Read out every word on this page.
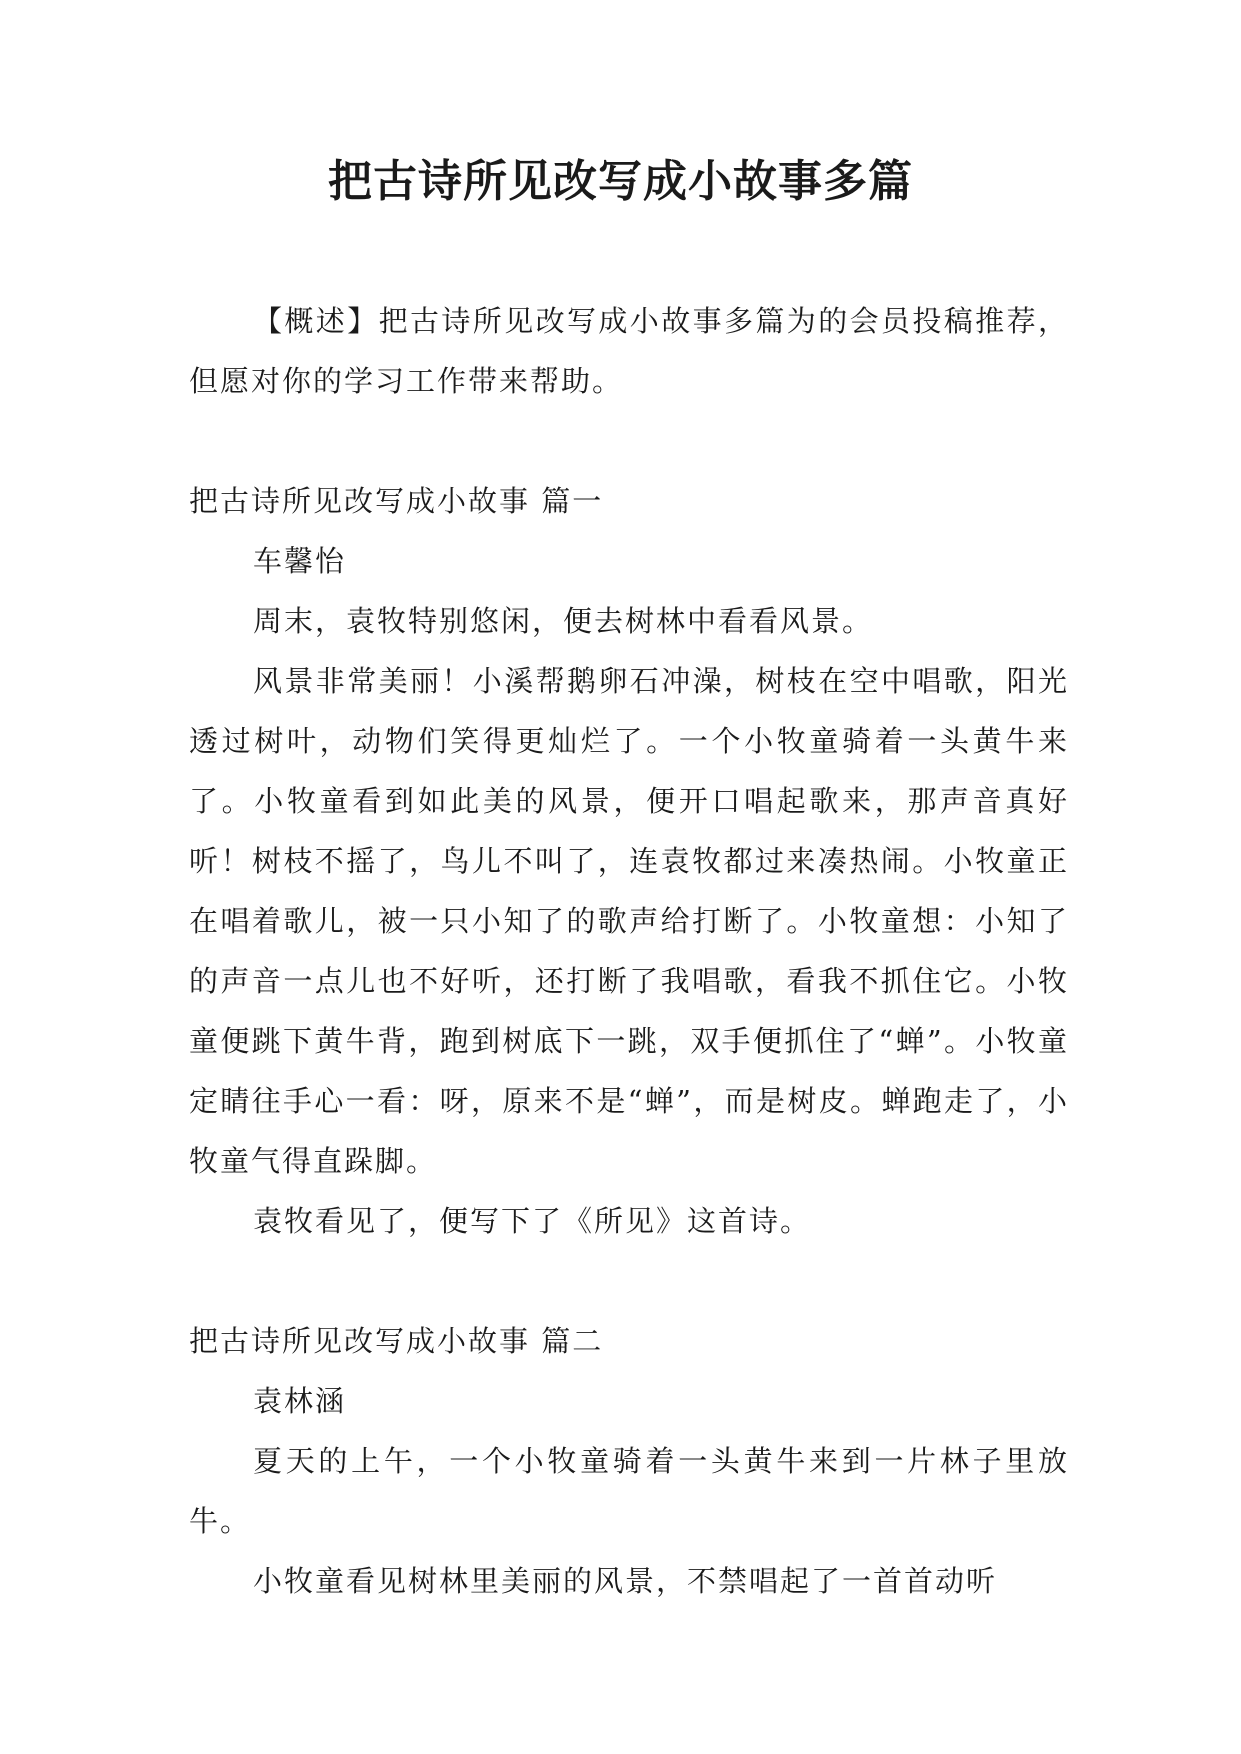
把古诗所见改写成小故事多篇

【概述】把古诗所见改写成小故事多篇为的会员投稿推荐，但愿对你的学习工作带来帮助。

把古诗所见改写成小故事 篇一

车馨怡

周末，袁牧特别悠闲，便去树林中看看风景。

风景非常美丽！小溪帮鹅卵石冲澡，树枝在空中唱歌，阳光透过树叶，动物们笑得更灿烂了。一个小牧童骑着一头黄牛来了。小牧童看到如此美的风景，便开口唱起歌来，那声音真好听！树枝不摇了，鸟儿不叫了，连袁牧都过来凑热闹。小牧童正在唱着歌儿，被一只小知了的歌声给打断了。小牧童想：小知了的声音一点儿也不好听，还打断了我唱歌，看我不抓住它。小牧童便跳下黄牛背，跑到树底下一跳，双手便抓住了“蝉”。小牧童定睛往手心一看：呀，原来不是“蝉”，而是树皮。蝉跑走了，小牧童气得直跺脚。

袁牧看见了，便写下了《所见》这首诗。

把古诗所见改写成小故事 篇二

袁林涵

夏天的上午，一个小牧童骑着一头黄牛来到一片林子里放牛。

小牧童看见树林里美丽的风景，不禁唱起了一首首动听
